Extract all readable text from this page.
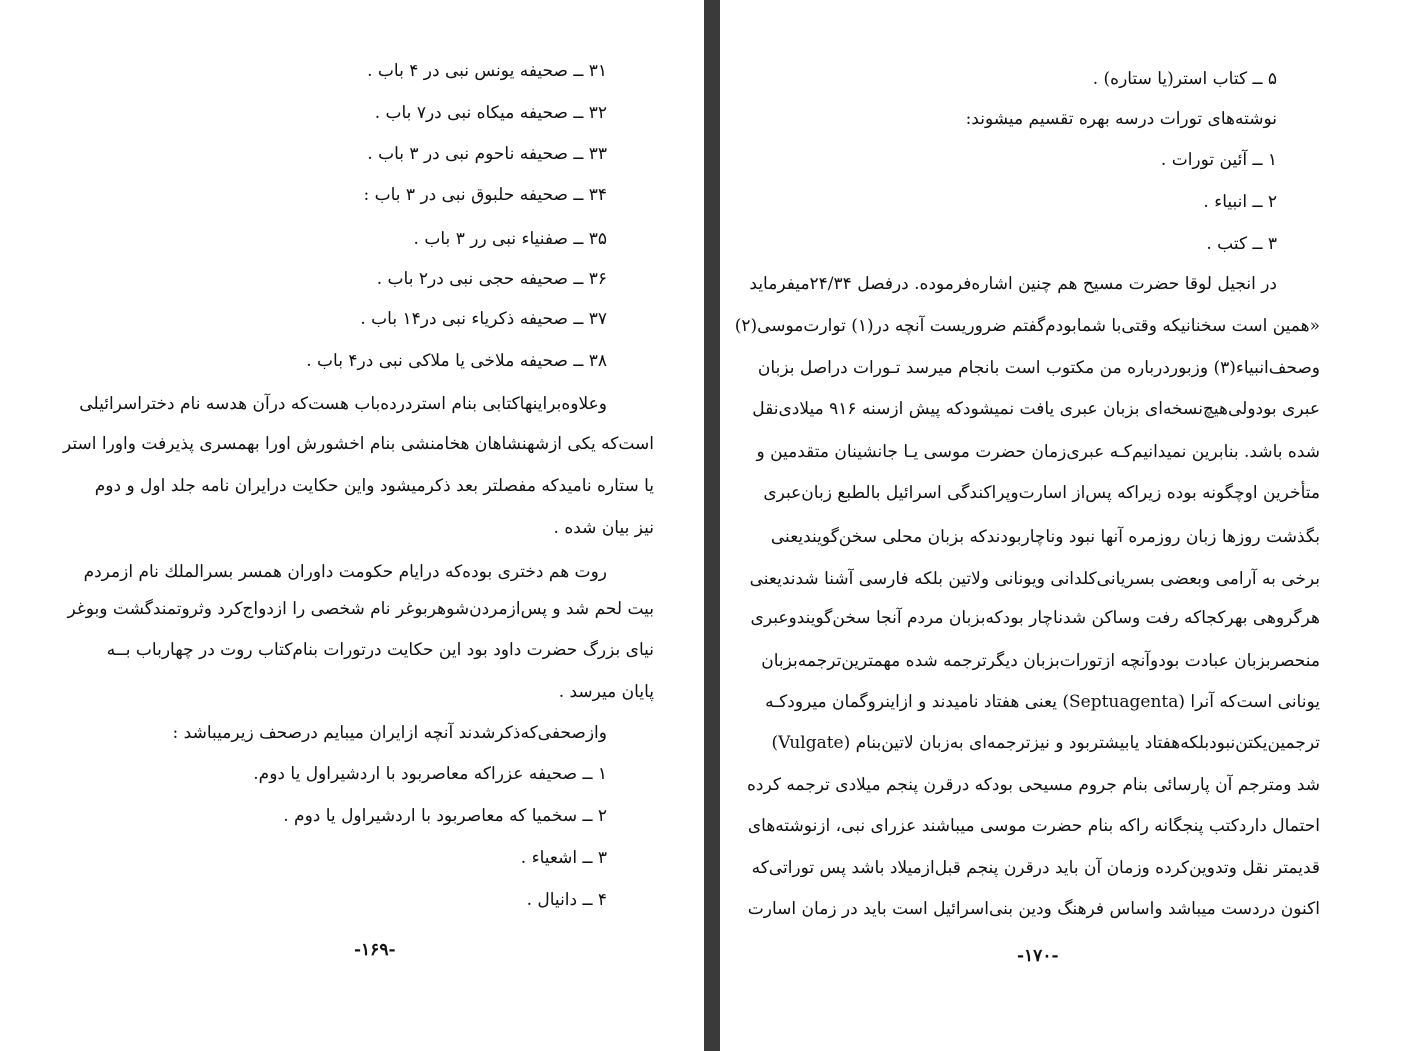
۳۱ ــ صحیفه یونس نبی در ۴ باب .
۳۲ ــ صحیفه میکاه نبی در۷ باب .
۳۳ ــ صحیفه ناحوم نبی در ۳ باب .
۳۴ ــ صحیفه حلبوق نبی در ۳ باب :
۳۵ ــ صفنیاء نبی رر ۳ باب .
۳۶ ــ صحیفه حجی نبی در۲ باب .
۳۷ ــ صحیفه ذکریاء نبی در۱۴ باب .
۳۸ ــ صحیفه ملاخی یا ملاکی نبی در۴ باب .
وعلاوه‌براینهاکتابی بنام استردرده‌باب هست‌که در‌آن هدسه نام دختراسرائیلی
است‌که یکی ازشهنشاهان هخامنشی بنام اخشورش اورا بهمسری پذیرفت واورا استر
یا ستاره نامیدکه مفصلتر بعد ذکرمیشود واین حکایت درایران نامه جلد اول و دوم
نیز بیان شده .
روت هم دختری بوده‌که درایام حکومت داوران همسر بسرالملك نام ازمردم
بیت لحم شد و پس‌ازمردن‌شوهربوغر نام شخصی را ازدواج‌کرد و‌ثروتمندگشت وبوغر
نیای بزرگ حضرت داود بود این حکایت درتورات بنام‌کتاب روت در چهارباب بــه
پایان میرسد .
وازصحفی‌که‌ذکرشدند آنچه ازایران میبایم درصحف زیرمیباشد :
۱ ــ صحیفه عزراکه معاصربود با اردشیراول یا دوم.
۲ ــ سخمیا که معاصربود با اردشیراول یا دوم .
۳ ــ اشعیاء .
۴ ــ دانیال .
-۱۶۹-
۵ ــ کتاب استر(یا ستاره) .
نوشته‌های تورات درسه بهره تقسیم میشوند:
۱ ــ آئین تورات .
۲ ــ انبیاء .
۳ ــ کتب .
در انجیل لوقا حضرت مسیح هم چنین اشاره‌فرموده. درفصل ۲۴/۳۴میفرماید
«همین است سخنانیکه وقتی‌با شمابودم‌گفتم ضروریست آنچه در(۱) توارت‌موسی(۲)
وصحف‌انبیاء(۳) وزبوردرباره من مکتوب است بانجام میرسد تـورات دراصل بزبان
عبری بودولی‌هیچ‌نسخه‌ای بزبان عبری یافت نمیشودکه پیش ازسنه ۹۱۶ میلادی‌نقل
شده باشد. بنابرین نمیدانیم‌کـه عبری‌زمان حضرت موسی یـا جانشینان متقدمین و
متأخرین اوچگونه بوده زیراکه پس‌از اسارت‌وپراکندگی اسرائیل بالطبع زبان‌عبری
بگذشت روزها زبان روزمره آنها نبود وناچاربودندکه بزبان محلی سخن‌گویندیعنی
برخی به آرامی وبعضی بسریانی‌کلدانی ویونانی ولاتین بلکه فارسی آشنا شدندیعنی
هرگروهی بهرکجاکه رفت وساکن شدناچار بودکه‌بزبان مردم آنجا سخن‌گویندوعبری
منحصر‌بزبان عبادت بودوآنچه ازتورات‌بزبان دیگرترجمه شده مهمترین‌ترجمه‌بزبان
یونانی است‌که آنرا (Septuagenta) یعنی هفتاد نامیدند و ازاینروگمان میرودکـه
ترجمین‌یکتن‌نبودبلکه‌هفتاد یابیشتربود و نیزترجمه‌ای به‌زبان لاتین‌بنام (Vulgate)
شد ومترجم آن پارسائی بنام جروم مسیحی بودکه درقرن پنجم میلادی ترجمه کرده
احتمال داردکتب پنجگانه راکه بنام حضرت موسی میباشند عزرای نبی، ازنوشته‌های
قدیمتر نقل وتدوین‌کرده وزمان آن باید درقرن پنجم قبل‌ازمیلاد باشد پس توراتی‌که
اکنون دردست میباشد واساس فرهنگ ودین بنی‌اسرائیل است باید در زمان اسارت
-۱۷۰-
